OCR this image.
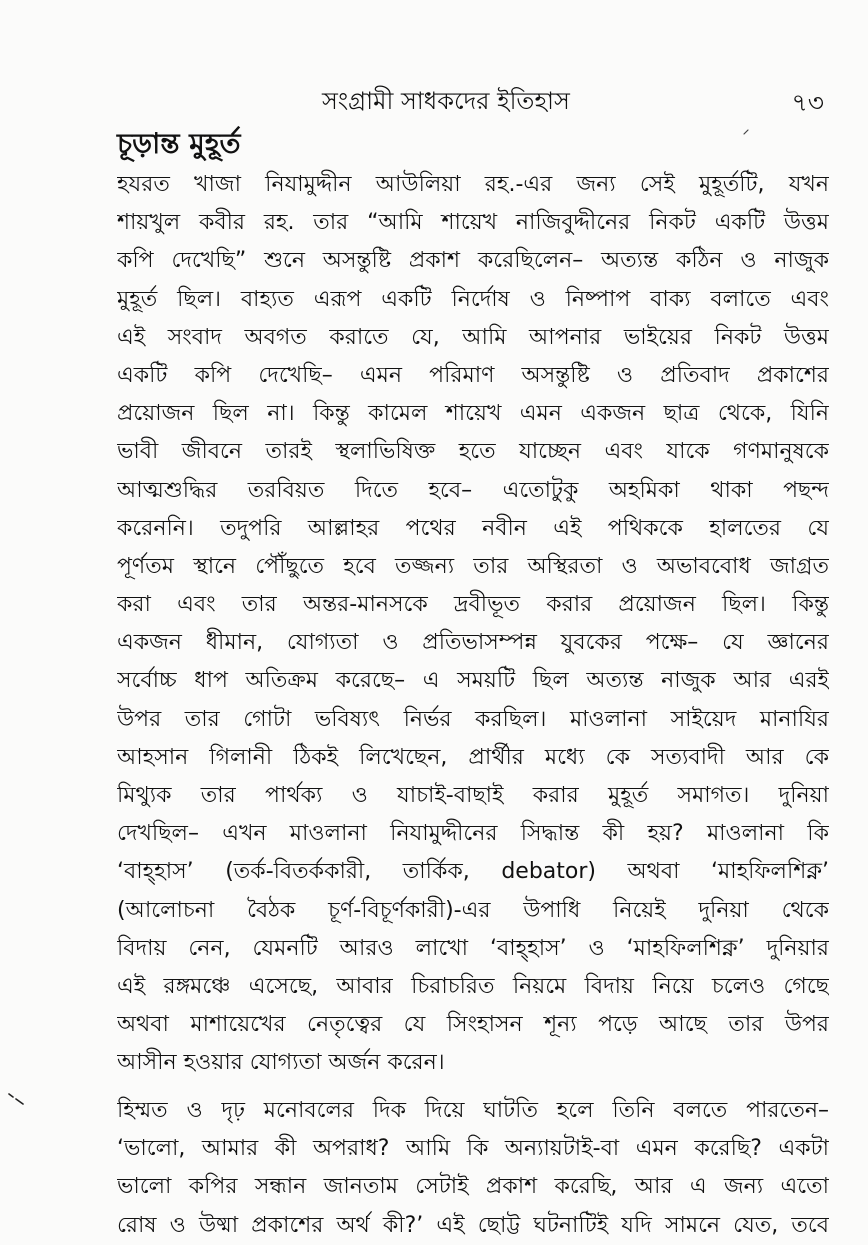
সংগ্রামী সাধকদের ইতিহাস	৭৩
চূড়ান্ত মুহূর্ত
হযরত খাজা নিযামুদ্দীন আউলিয়া রহ.-এর জন্য সেই মুহূর্তটি, যখন
শায়খুল কবীর রহ. তার “আমি শায়েখ নাজিবুদ্দীনের নিকট একটি উত্তম
কপি দেখেছি” শুনে অসন্তুষ্টি প্রকাশ করেছিলেন– অত্যন্ত কঠিন ও নাজুক
মুহূর্ত ছিল। বাহ্যত এরূপ একটি নির্দোষ ও নিষ্পাপ বাক্য বলাতে এবং
এই সংবাদ অবগত করাতে যে, আমি আপনার ভাইয়ের নিকট উত্তম
একটি কপি দেখেছি– এমন পরিমাণ অসন্তুষ্টি ও প্রতিবাদ প্রকাশের
প্রয়োজন ছিল না। কিন্তু কামেল শায়েখ এমন একজন ছাত্র থেকে, যিনি
ভাবী জীবনে তারই স্থলাভিষিক্ত হতে যাচ্ছেন এবং যাকে গণমানুষকে
আত্মশুদ্ধির তরবিয়ত দিতে হবে– এতোটুকু অহমিকা থাকা পছন্দ
করেননি। তদুপরি আল্লাহর পথের নবীন এই পথিককে হালতের যে
পূর্ণতম স্থানে পৌঁছুতে হবে তজ্জন্য তার অস্থিরতা ও অভাববোধ জাগ্রত
করা এবং তার অন্তর-মানসকে দ্রবীভূত করার প্রয়োজন ছিল। কিন্তু
একজন ধীমান, যোগ্যতা ও প্রতিভাসম্পন্ন যুবকের পক্ষে– যে জ্ঞানের
সর্বোচ্চ ধাপ অতিক্রম করেছে– এ সময়টি ছিল অত্যন্ত নাজুক আর এরই
উপর তার গোটা ভবিষ্যৎ নির্ভর করছিল। মাওলানা সাইয়েদ মানাযির
আহসান গিলানী ঠিকই লিখেছেন, প্রার্থীর মধ্যে কে সত্যবাদী আর কে
মিথ্যুক তার পার্থক্য ও যাচাই-বাছাই করার মুহূর্ত সমাগত। দুনিয়া
দেখছিল– এখন মাওলানা নিযামুদ্দীনের সিদ্ধান্ত কী হয়? মাওলানা কি
‘বাহ্হাস’ (তর্ক-বিতর্ককারী, তার্কিক, debator) অথবা ‘মাহফিলশিক্ন’
(আলোচনা বৈঠক চূর্ণ-বিচূর্ণকারী)-এর উপাধি নিয়েই দুনিয়া থেকে
বিদায় নেন, যেমনটি আরও লাখো ‘বাহ্হাস’ ও ‘মাহফিলশিক্ন’ দুনিয়ার
এই রঙ্গমঞ্চে এসেছে, আবার চিরাচরিত নিয়মে বিদায় নিয়ে চলেও গেছে
অথবা মাশায়েখের নেতৃত্বের যে সিংহাসন শূন্য পড়ে আছে তার উপর
আসীন হওয়ার যোগ্যতা অর্জন করেন।
হিম্মত ও দৃঢ় মনোবলের দিক দিয়ে ঘাটতি হলে তিনি বলতে পারতেন–
‘ভালো, আমার কী অপরাধ? আমি কি অন্যায়টাই-বা এমন করেছি? একটা
ভালো কপির সন্ধান জানতাম সেটাই প্রকাশ করেছি, আর এ জন্য এতো
রোষ ও উষ্মা প্রকাশের অর্থ কী?’ এই ছোট্ট ঘটনাটিই যদি সামনে যেত, তবে
